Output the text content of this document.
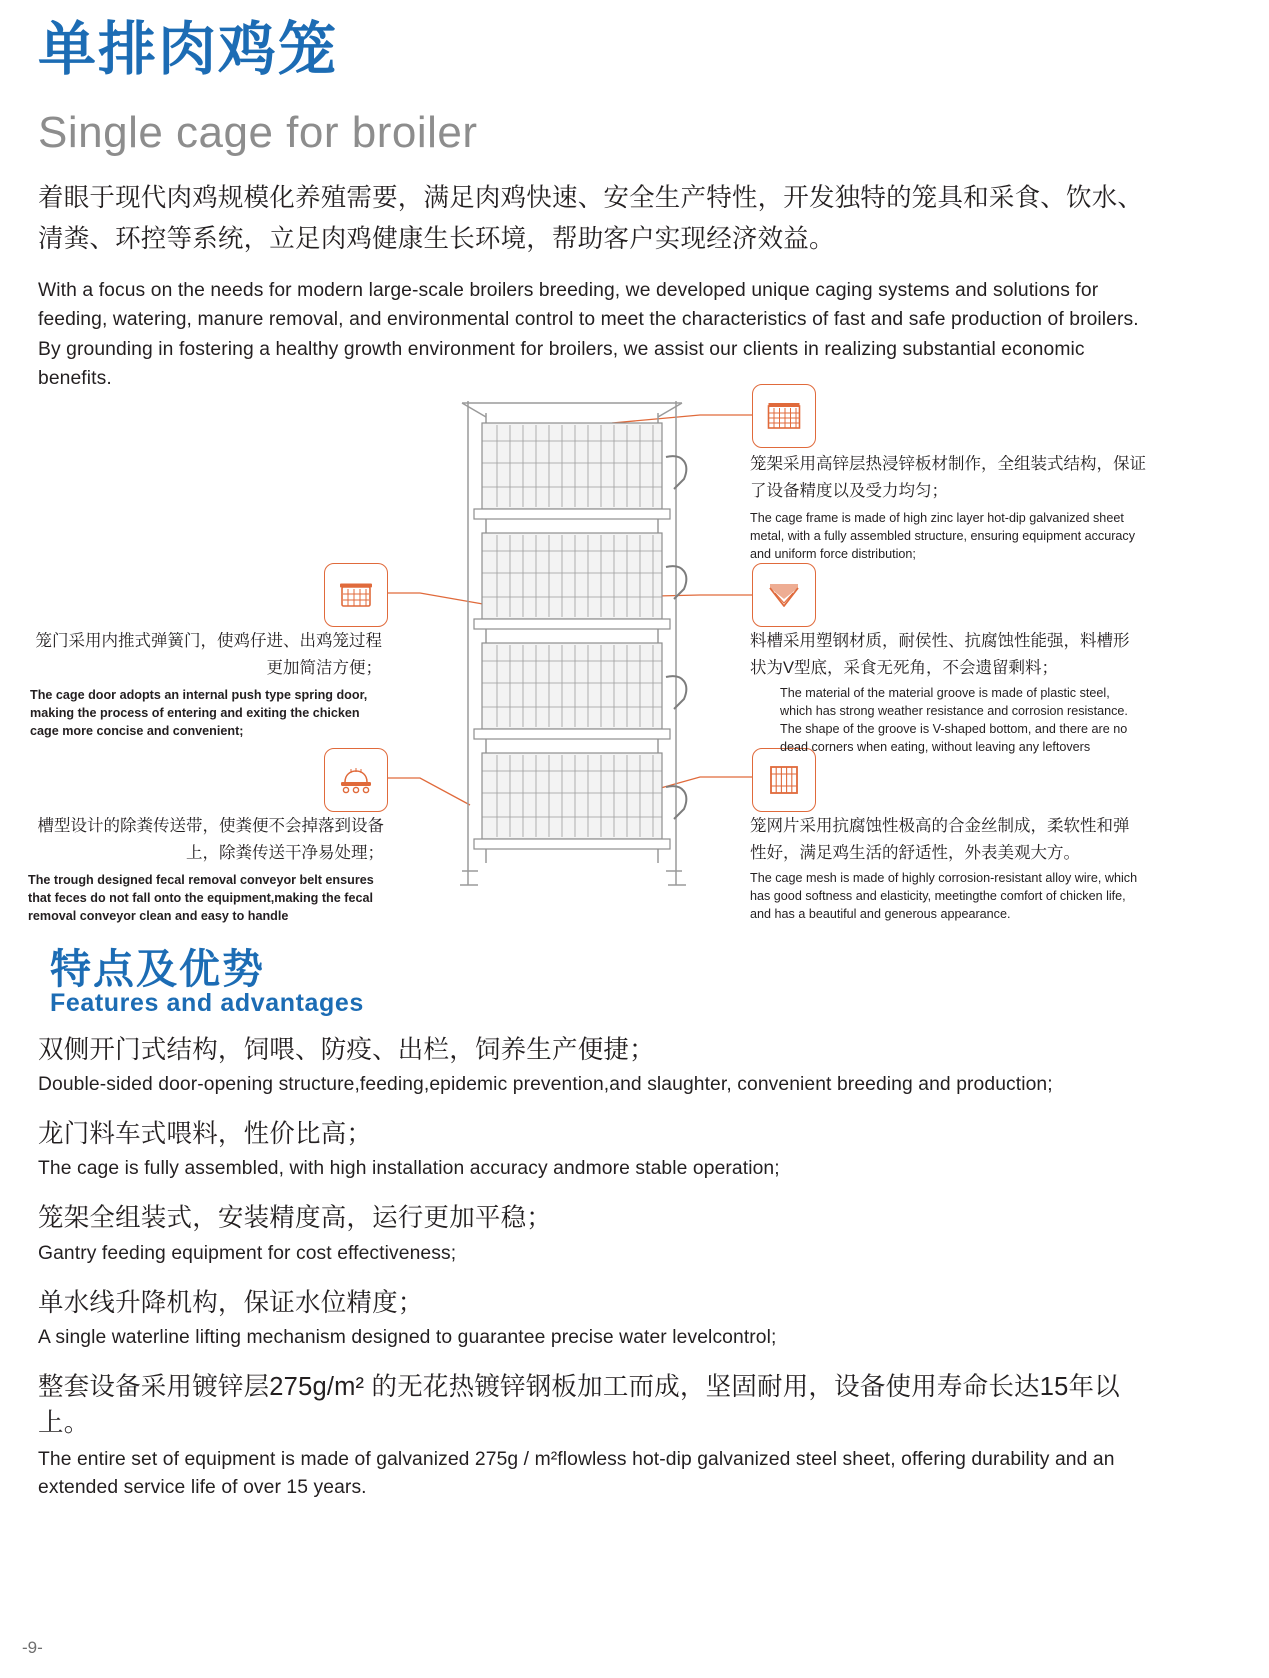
单排肉鸡笼
Single cage for broiler
着眼于现代肉鸡规模化养殖需要，满足肉鸡快速、安全生产特性，开发独特的笼具和采食、饮水、清粪、环控等系统，立足肉鸡健康生长环境，帮助客户实现经济效益。
With a focus on the needs for modern large-scale broilers breeding, we developed unique caging systems and solutions for feeding, watering, manure removal, and environmental control to meet the characteristics of fast and safe production of broilers. By grounding in fostering a healthy growth environment for broilers, we assist our clients in realizing substantial economic benefits.
笼架采用高锌层热浸锌板材制作，全组装式结构，保证了设备精度以及受力均匀；
The cage frame is made of high zinc layer hot-dip galvanized sheet metal, with a fully assembled structure, ensuring equipment accuracy and uniform force distribution;
笼门采用内推式弹簧门，使鸡仔进、出鸡笼过程更加简洁方便；
The cage door adopts an internal push type spring door, making the process of entering and exiting the chicken cage more concise and convenient;
料槽采用塑钢材质，耐侯性、抗腐蚀性能强，料槽形状为V型底，采食无死角，不会遗留剩料；
The material of the material groove is made of plastic steel, which has strong weather resistance and corrosion resistance. The shape of the groove is V-shaped bottom, and there are no dead corners when eating, without leaving any leftovers
槽型设计的除粪传送带，使粪便不会掉落到设备上，除粪传送干净易处理；
The trough designed fecal removal conveyor belt ensures that feces do not fall onto the equipment,making the fecal removal conveyor clean and easy to handle
笼网片采用抗腐蚀性极高的合金丝制成，柔软性和弹性好，满足鸡生活的舒适性，外表美观大方。
The cage mesh is made of highly corrosion-resistant alloy wire, which has good softness and elasticity, meetingthe comfort of chicken life, and has a beautiful and generous appearance.
特点及优势
Features and advantages
双侧开门式结构，饲喂、防疫、出栏，饲养生产便捷；
Double-sided door-opening structure,feeding,epidemic prevention,and slaughter, convenient breeding and production;
龙门料车式喂料，性价比高；
The cage is fully assembled, with high installation accuracy andmore stable operation;
笼架全组装式，安装精度高，运行更加平稳；
Gantry feeding equipment for cost effectiveness;
单水线升降机构，保证水位精度；
A single waterline lifting mechanism designed to guarantee precise water levelcontrol;
整套设备采用镀锌层275g/m² 的无花热镀锌钢板加工而成，坚固耐用，设备使用寿命长达15年以上。
The entire set of equipment is made of galvanized 275g / m²flowless hot-dip galvanized steel sheet, offering durability and an extended service life of over 15 years.
-9-
